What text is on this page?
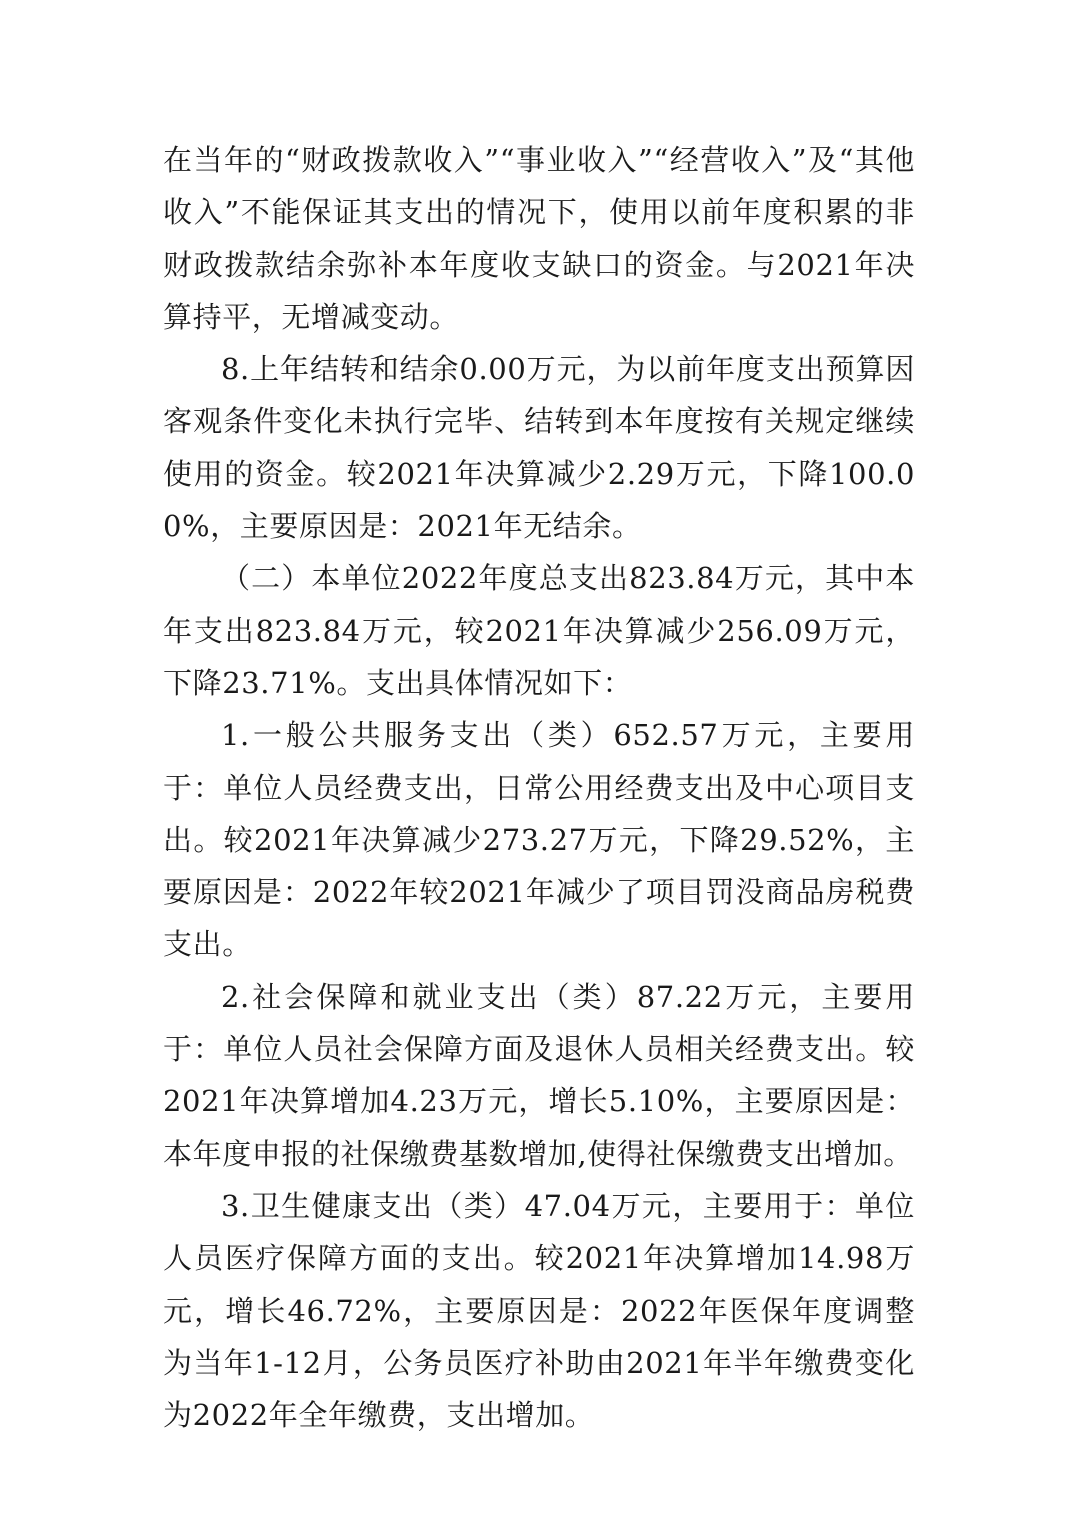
在当年的“财政拨款收入”“事业收入”“经营收入”及“其他收入”不能保证其支出的情况下，使用以前年度积累的非财政拨款结余弥补本年度收支缺口的资金。与2021年决算持平，无增减变动。

8.上年结转和结余0.00万元，为以前年度支出预算因客观条件变化未执行完毕、结转到本年度按有关规定继续使用的资金。较2021年决算减少2.29万元，下降100.00%，主要原因是：2021年无结余。

（二）本单位2022年度总支出823.84万元，其中本年支出823.84万元，较2021年决算减少256.09万元，下降23.71%。支出具体情况如下：

1.一般公共服务支出（类）652.57万元，主要用于：单位人员经费支出，日常公用经费支出及中心项目支出。较2021年决算减少273.27万元，下降29.52%，主要原因是：2022年较2021年减少了项目罚没商品房税费支出。

2.社会保障和就业支出（类）87.22万元，主要用于：单位人员社会保障方面及退休人员相关经费支出。较2021年决算增加4.23万元，增长5.10%，主要原因是：本年度申报的社保缴费基数增加,使得社保缴费支出增加。

3.卫生健康支出（类）47.04万元，主要用于：单位人员医疗保障方面的支出。较2021年决算增加14.98万元，增长46.72%，主要原因是：2022年医保年度调整为当年1-12月，公务员医疗补助由2021年半年缴费变化为2022年全年缴费，支出增加。
